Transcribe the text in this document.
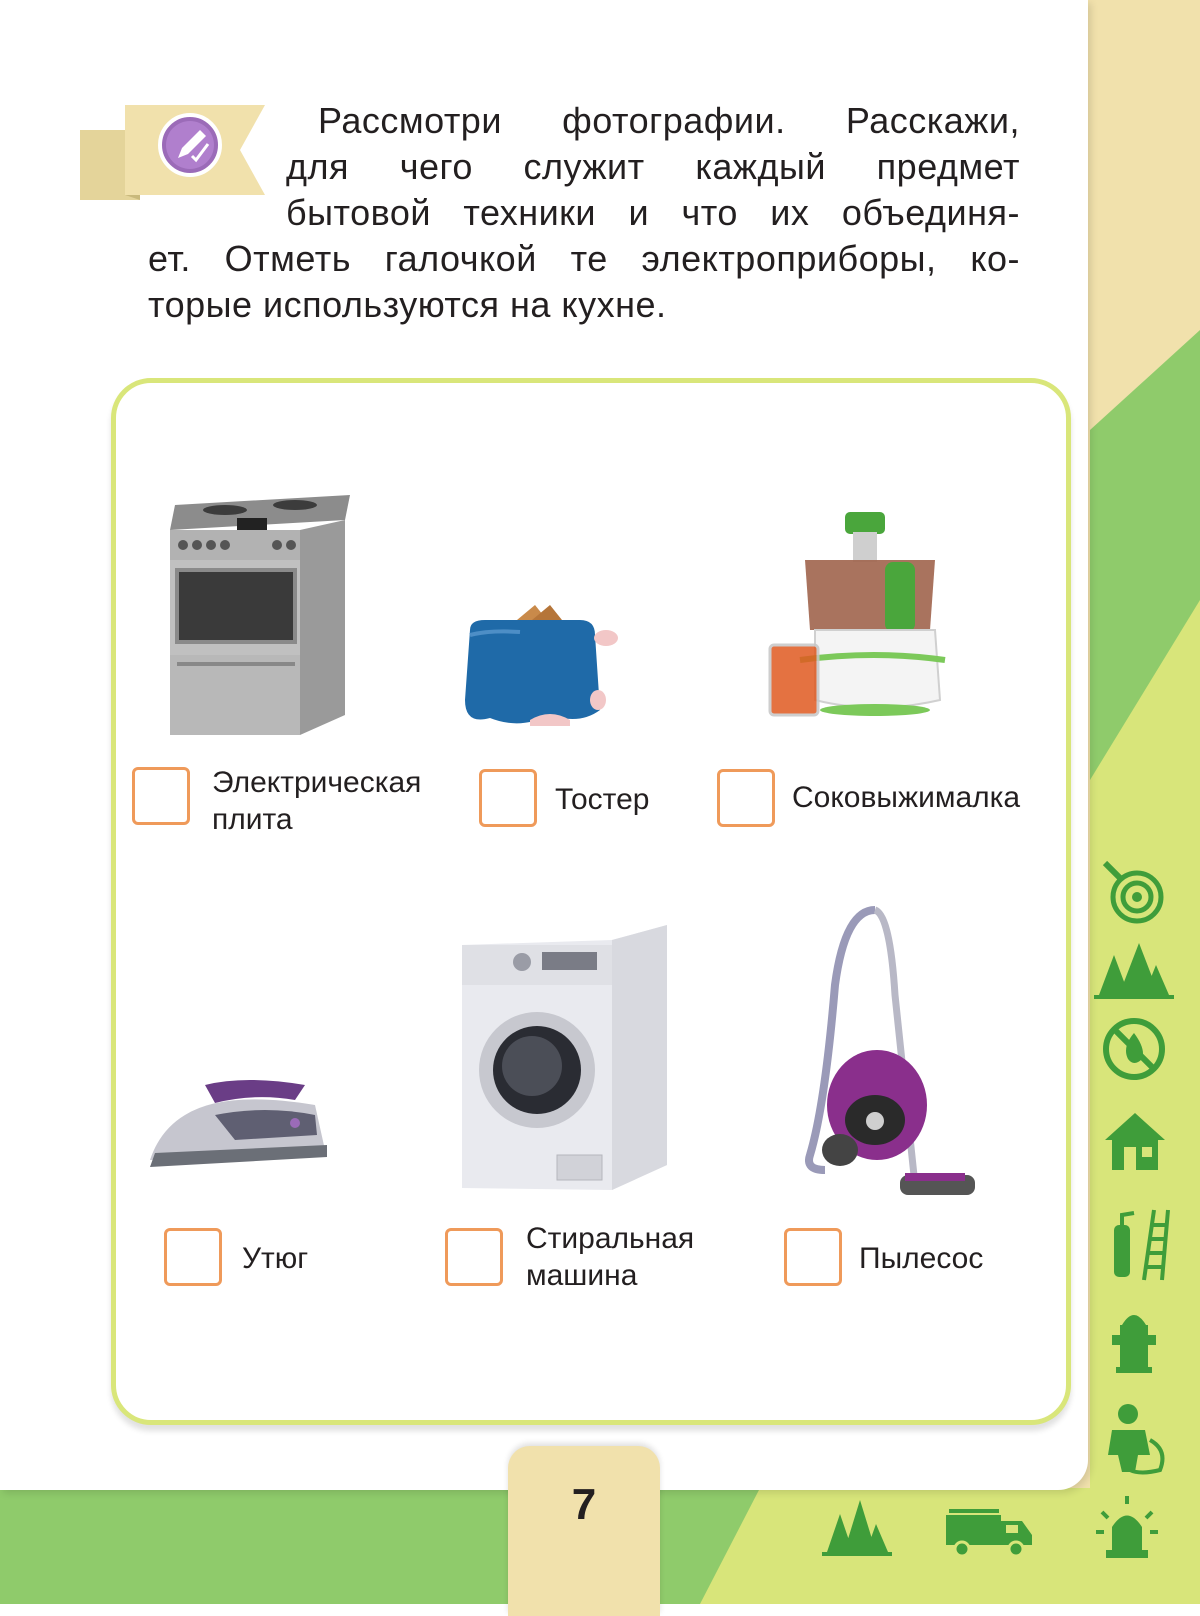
Рассмотри фотографии. Расскажи,
для чего служит каждый предмет
бытовой техники и что их объединя-
ет. Отметь галочкой те электроприборы, ко-
торые используются на кухне.
Электрическая
плита
Тостер	Соковыжималка
Утюг
Стиральная
машина
Пылесос
7
